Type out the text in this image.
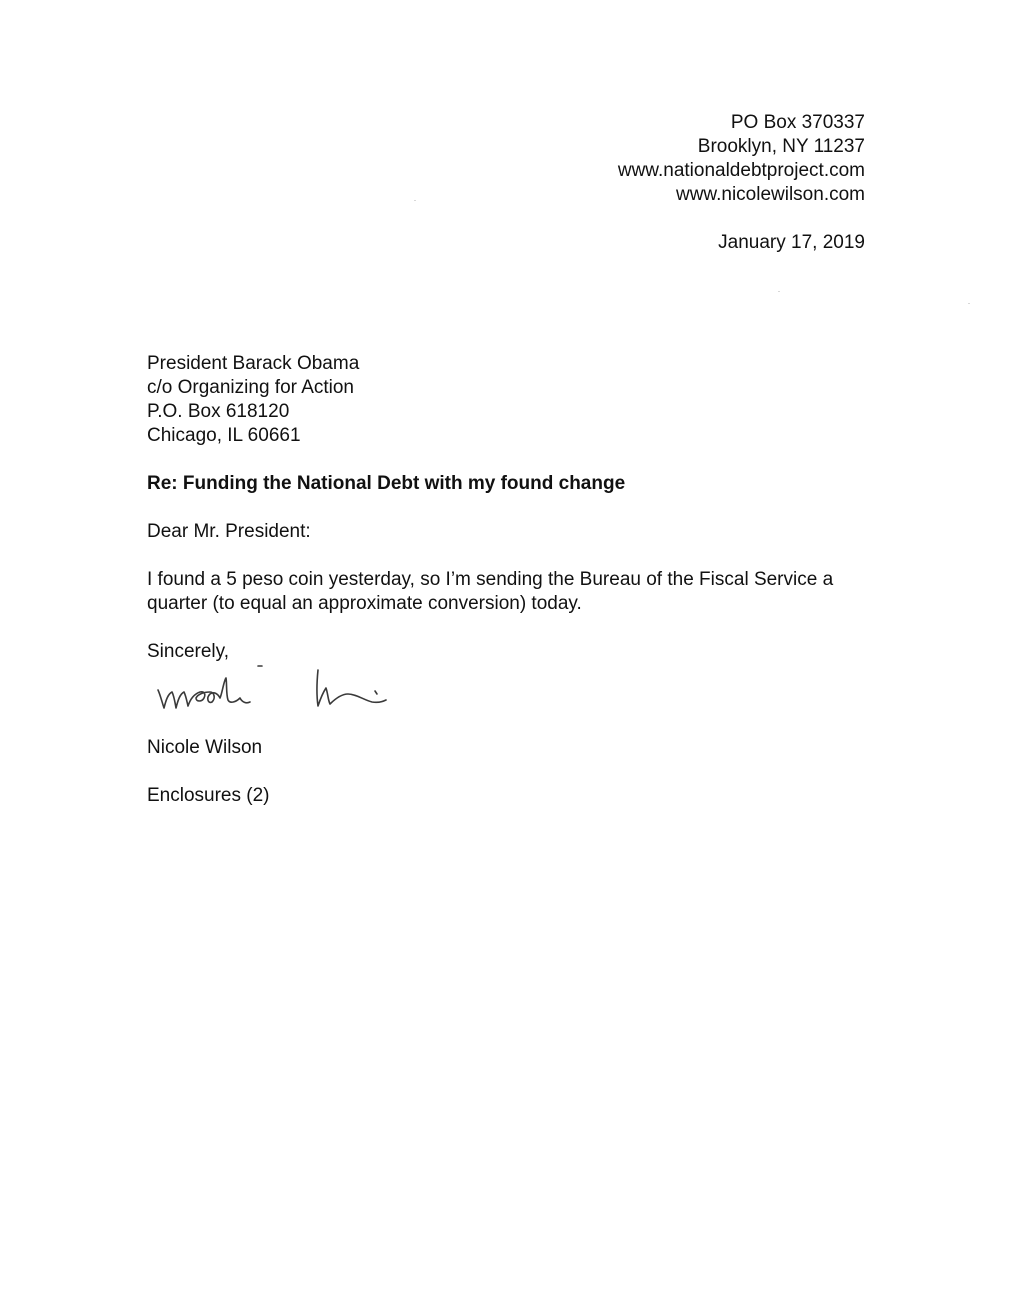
PO Box 370337
Brooklyn, NY 11237
www.nationaldebtproject.com
www.nicolewilson.com
January 17, 2019
President Barack Obama
c/o Organizing for Action
P.O. Box 618120
Chicago, IL 60661
Re: Funding the National Debt with my found change
Dear Mr. President:
I found a 5 peso coin yesterday, so I’m sending the Bureau of the Fiscal Service a quarter (to equal an approximate conversion) today.
Sincerely,
Nicole Wilson
Enclosures (2)
